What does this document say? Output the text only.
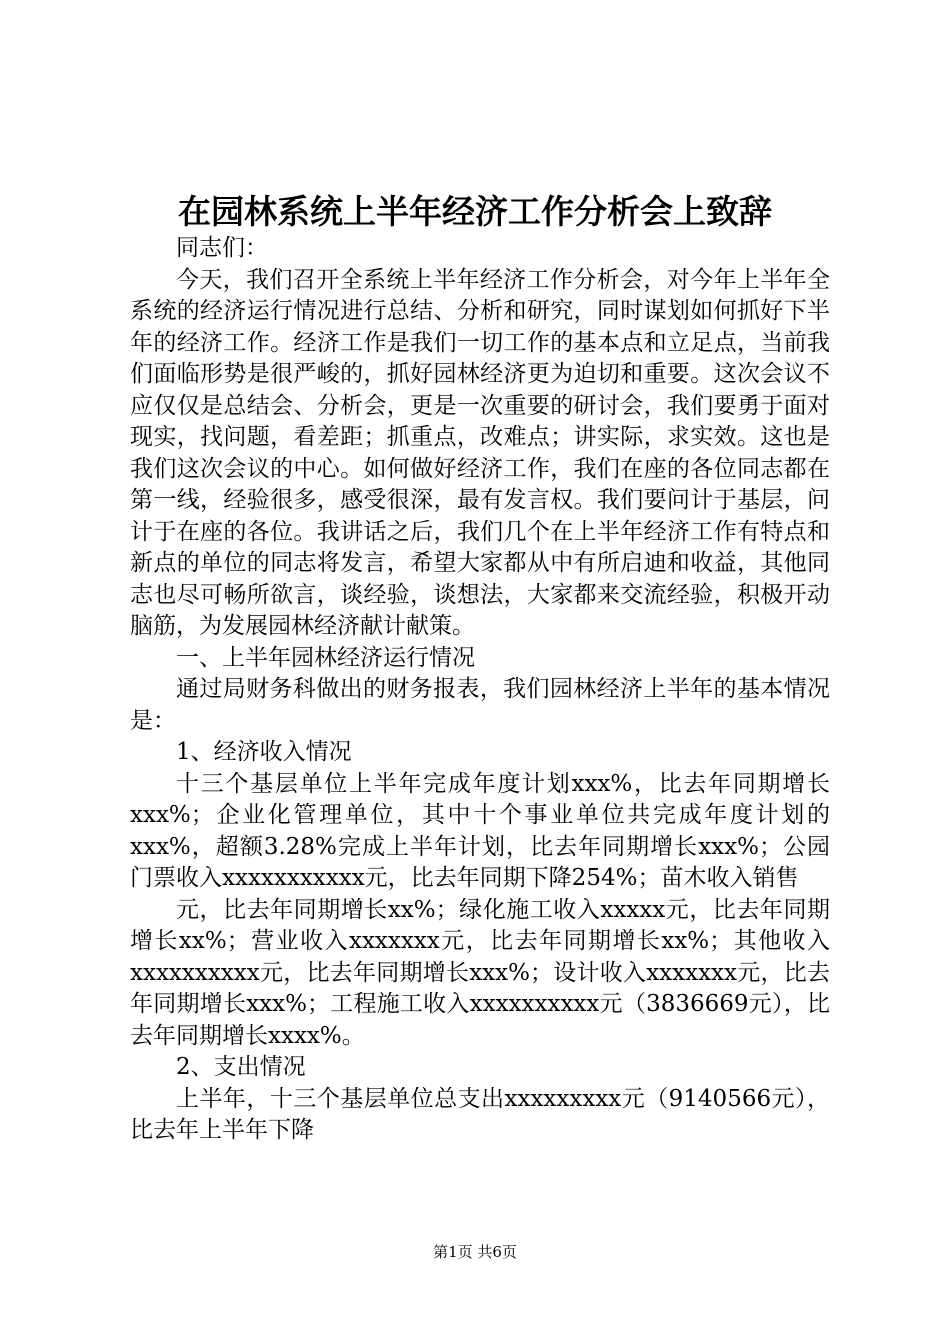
在园林系统上半年经济工作分析会上致辞

同志们：

今天，我们召开全系统上半年经济工作分析会，对今年上半年全系统的经济运行情况进行总结、分析和研究，同时谋划如何抓好下半年的经济工作。经济工作是我们一切工作的基本点和立足点，当前我们面临形势是很严峻的，抓好园林经济更为迫切和重要。这次会议不应仅仅是总结会、分析会，更是一次重要的研讨会，我们要勇于面对现实，找问题，看差距；抓重点，改难点；讲实际，求实效。这也是我们这次会议的中心。如何做好经济工作，我们在座的各位同志都在第一线，经验很多，感受很深，最有发言权。我们要问计于基层，问计于在座的各位。我讲话之后，我们几个在上半年经济工作有特点和新点的单位的同志将发言，希望大家都从中有所启迪和收益，其他同志也尽可畅所欲言，谈经验，谈想法，大家都来交流经验，积极开动脑筋，为发展园林经济献计献策。

一、上半年园林经济运行情况

通过局财务科做出的财务报表，我们园林经济上半年的基本情况是：

1、经济收入情况

十三个基层单位上半年完成年度计划xxx%，比去年同期增长xxx%；企业化管理单位，其中十个事业单位共完成年度计划的xxx%，超额3.28%完成上半年计划，比去年同期增长xxx%；公园门票收入xxxxxxxxxxx元，比去年同期下降254%；苗木收入销售

元，比去年同期增长xx%；绿化施工收入xxxxx元，比去年同期增长xx%；营业收入xxxxxxx元，比去年同期增长xx%；其他收入xxxxxxxxxx元，比去年同期增长xxx%；设计收入xxxxxxx元，比去年同期增长xxx%；工程施工收入xxxxxxxxxx元（3836669元），比去年同期增长xxxx%。

2、支出情况

上半年，十三个基层单位总支出xxxxxxxxx元（9140566元），比去年上半年下降

第1页 共6页
